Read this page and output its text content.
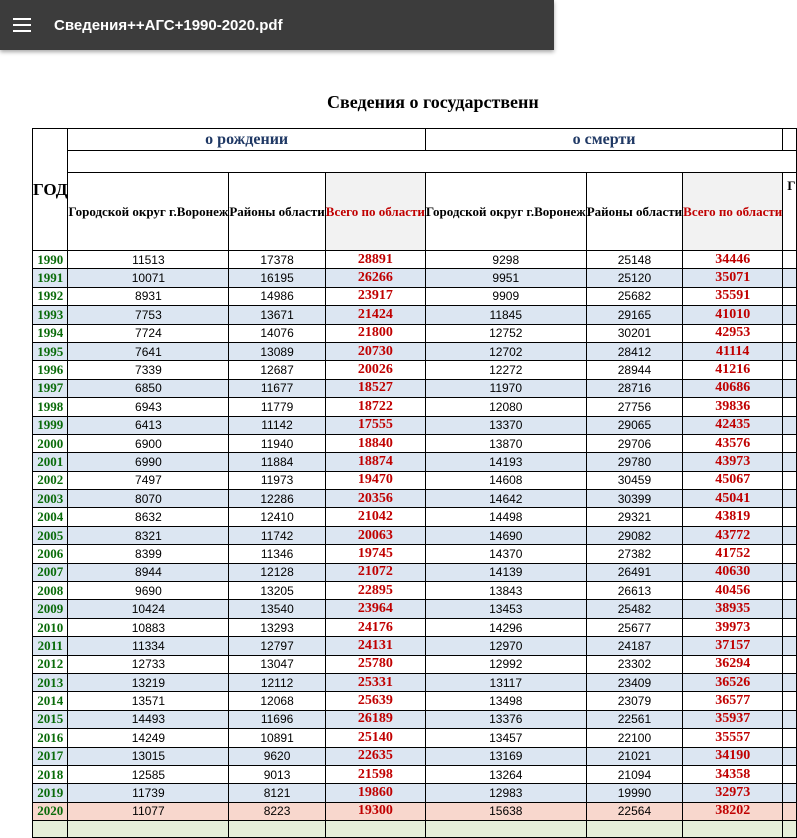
Сведения++АГС+1990-2020.pdf
Сведения о государственн
ГОД	о рождении			о смерти			

	Городской округ г.Воронеж	Районы области	Всего по области	Городской округ г.Воронеж	Районы области	Всего по области	Г
1990	11513	17378	28891	9298	25148	34446	
1991	10071	16195	26266	9951	25120	35071	
1992	8931	14986	23917	9909	25682	35591	
1993	7753	13671	21424	11845	29165	41010	
1994	7724	14076	21800	12752	30201	42953	
1995	7641	13089	20730	12702	28412	41114	
1996	7339	12687	20026	12272	28944	41216	
1997	6850	11677	18527	11970	28716	40686	
1998	6943	11779	18722	12080	27756	39836	
1999	6413	11142	17555	13370	29065	42435	
2000	6900	11940	18840	13870	29706	43576	
2001	6990	11884	18874	14193	29780	43973	
2002	7497	11973	19470	14608	30459	45067	
2003	8070	12286	20356	14642	30399	45041	
2004	8632	12410	21042	14498	29321	43819	
2005	8321	11742	20063	14690	29082	43772	
2006	8399	11346	19745	14370	27382	41752	
2007	8944	12128	21072	14139	26491	40630	
2008	9690	13205	22895	13843	26613	40456	
2009	10424	13540	23964	13453	25482	38935	
2010	10883	13293	24176	14296	25677	39973	
2011	11334	12797	24131	12970	24187	37157	
2012	12733	13047	25780	12992	23302	36294	
2013	13219	12112	25331	13117	23409	36526	
2014	13571	12068	25639	13498	23079	36577	
2015	14493	11696	26189	13376	22561	35937	
2016	14249	10891	25140	13457	22100	35557	
2017	13015	9620	22635	13169	21021	34190	
2018	12585	9013	21598	13264	21094	34358	
2019	11739	8121	19860	12983	19990	32973	
2020	11077	8223	19300	15638	22564	38202	
